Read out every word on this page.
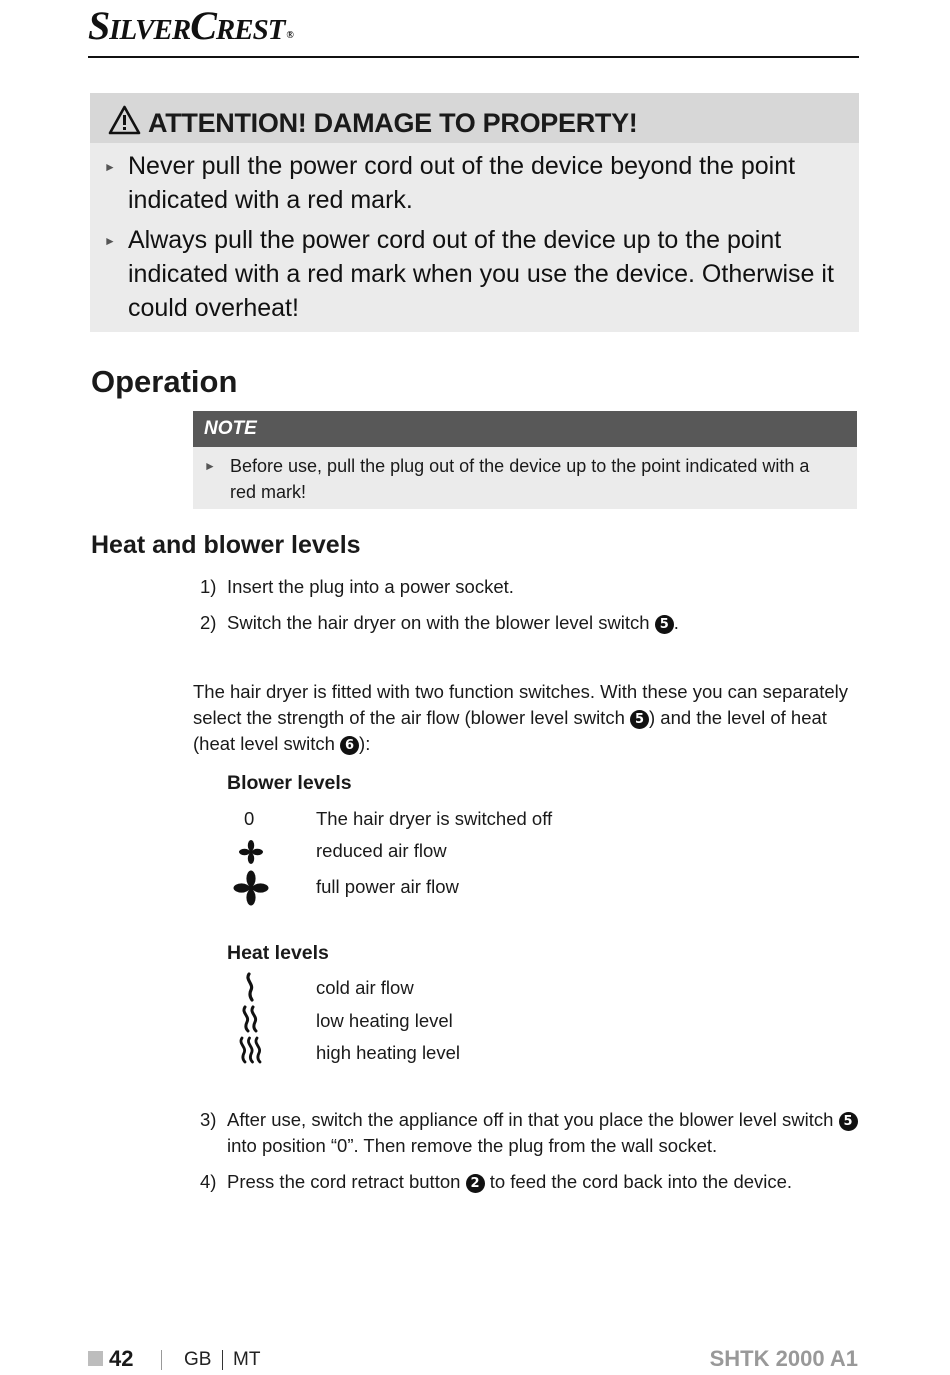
SILVERCREST ®
ATTENTION! DAMAGE TO PROPERTY!
► Never pull the power cord out of the device beyond the point
indicated with a red mark.
► Always pull the power cord out of the device up to the point
indicated with a red mark when you use the device. Otherwise it
could overheat!
Operation
NOTE
► Before use, pull the plug out of the device up to the point indicated with a
red mark!
Heat and blower levels
1) Insert the plug into a power socket.
2) Switch the hair dryer on with the blower level switch 5 .
The hair dryer is fitted with two function switches. With these you can separately
select the strength of the air flow (blower level switch 5 ) and the level of heat
(heat level switch 6 ):
Blower levels
0	The hair dryer is switched off
reduced air flow
full power air flow
Heat levels
cold air flow
low heating level
high heating level
3) After use, switch the appliance off in that you place the blower level switch 5
into position “0”. Then remove the plug from the wall socket.
4) Press the cord retract button 2 to feed the cord back into the device.
42	GB MT	SHTK 2000 A1
